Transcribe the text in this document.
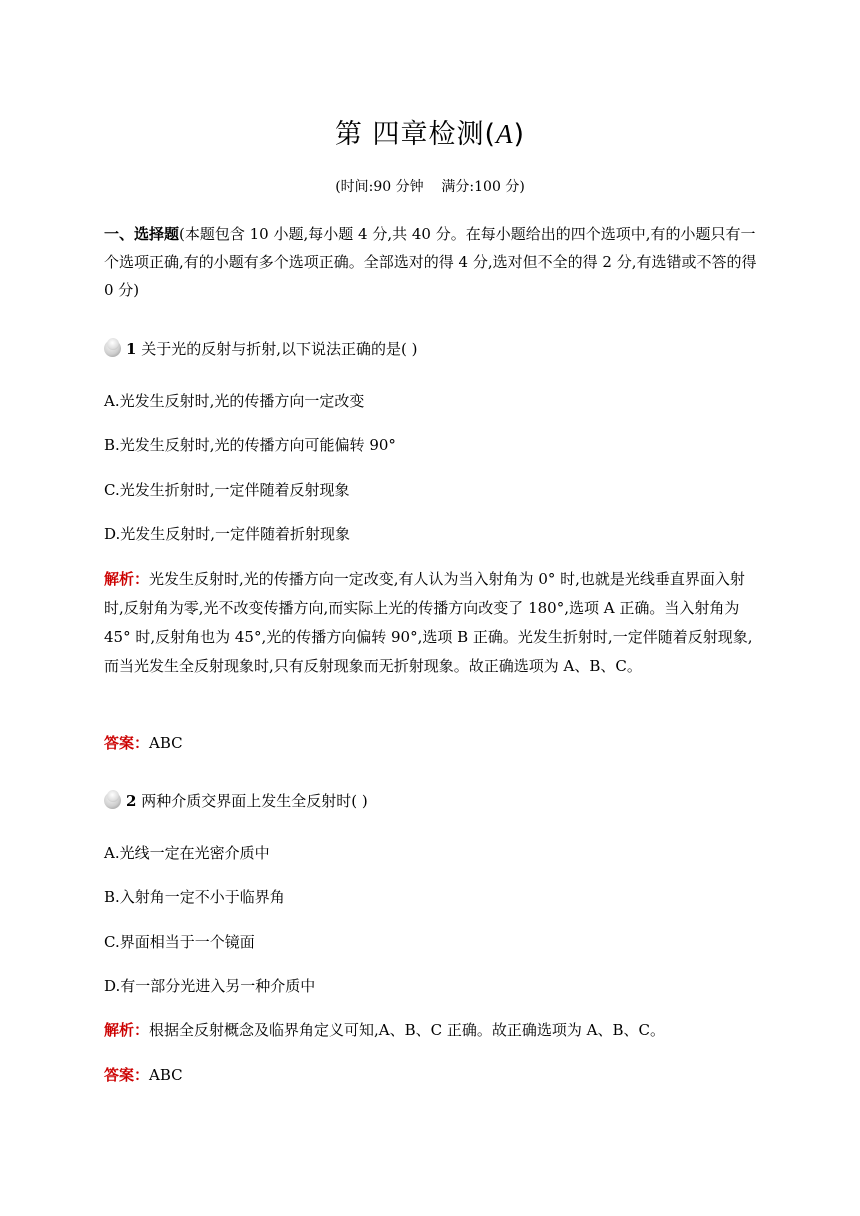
第 四章检测(A)
(时间:90 分钟    满分:100 分)
一、选择题(本题包含 10 小题,每小题 4 分,共 40 分。在每小题给出的四个选项中,有的小题只有一个选项正确,有的小题有多个选项正确。全部选对的得 4 分,选对但不全的得 2 分,有选错或不答的得 0 分)
1 关于光的反射与折射,以下说法正确的是( )
A.光发生反射时,光的传播方向一定改变
B.光发生反射时,光的传播方向可能偏转 90°
C.光发生折射时,一定伴随着反射现象
D.光发生反射时,一定伴随着折射现象
解析：光发生反射时,光的传播方向一定改变,有人认为当入射角为 0° 时,也就是光线垂直界面入射时,反射角为零,光不改变传播方向,而实际上光的传播方向改变了 180°,选项 A 正确。当入射角为 45° 时,反射角也为 45°,光的传播方向偏转 90°,选项 B 正确。光发生折射时,一定伴随着反射现象,而当光发生全反射现象时,只有反射现象而无折射现象。故正确选项为 A、B、C。
答案：ABC
2 两种介质交界面上发生全反射时( )
A.光线一定在光密介质中
B.入射角一定不小于临界角
C.界面相当于一个镜面
D.有一部分光进入另一种介质中
解析：根据全反射概念及临界角定义可知,A、B、C 正确。故正确选项为 A、B、C。
答案：ABC
